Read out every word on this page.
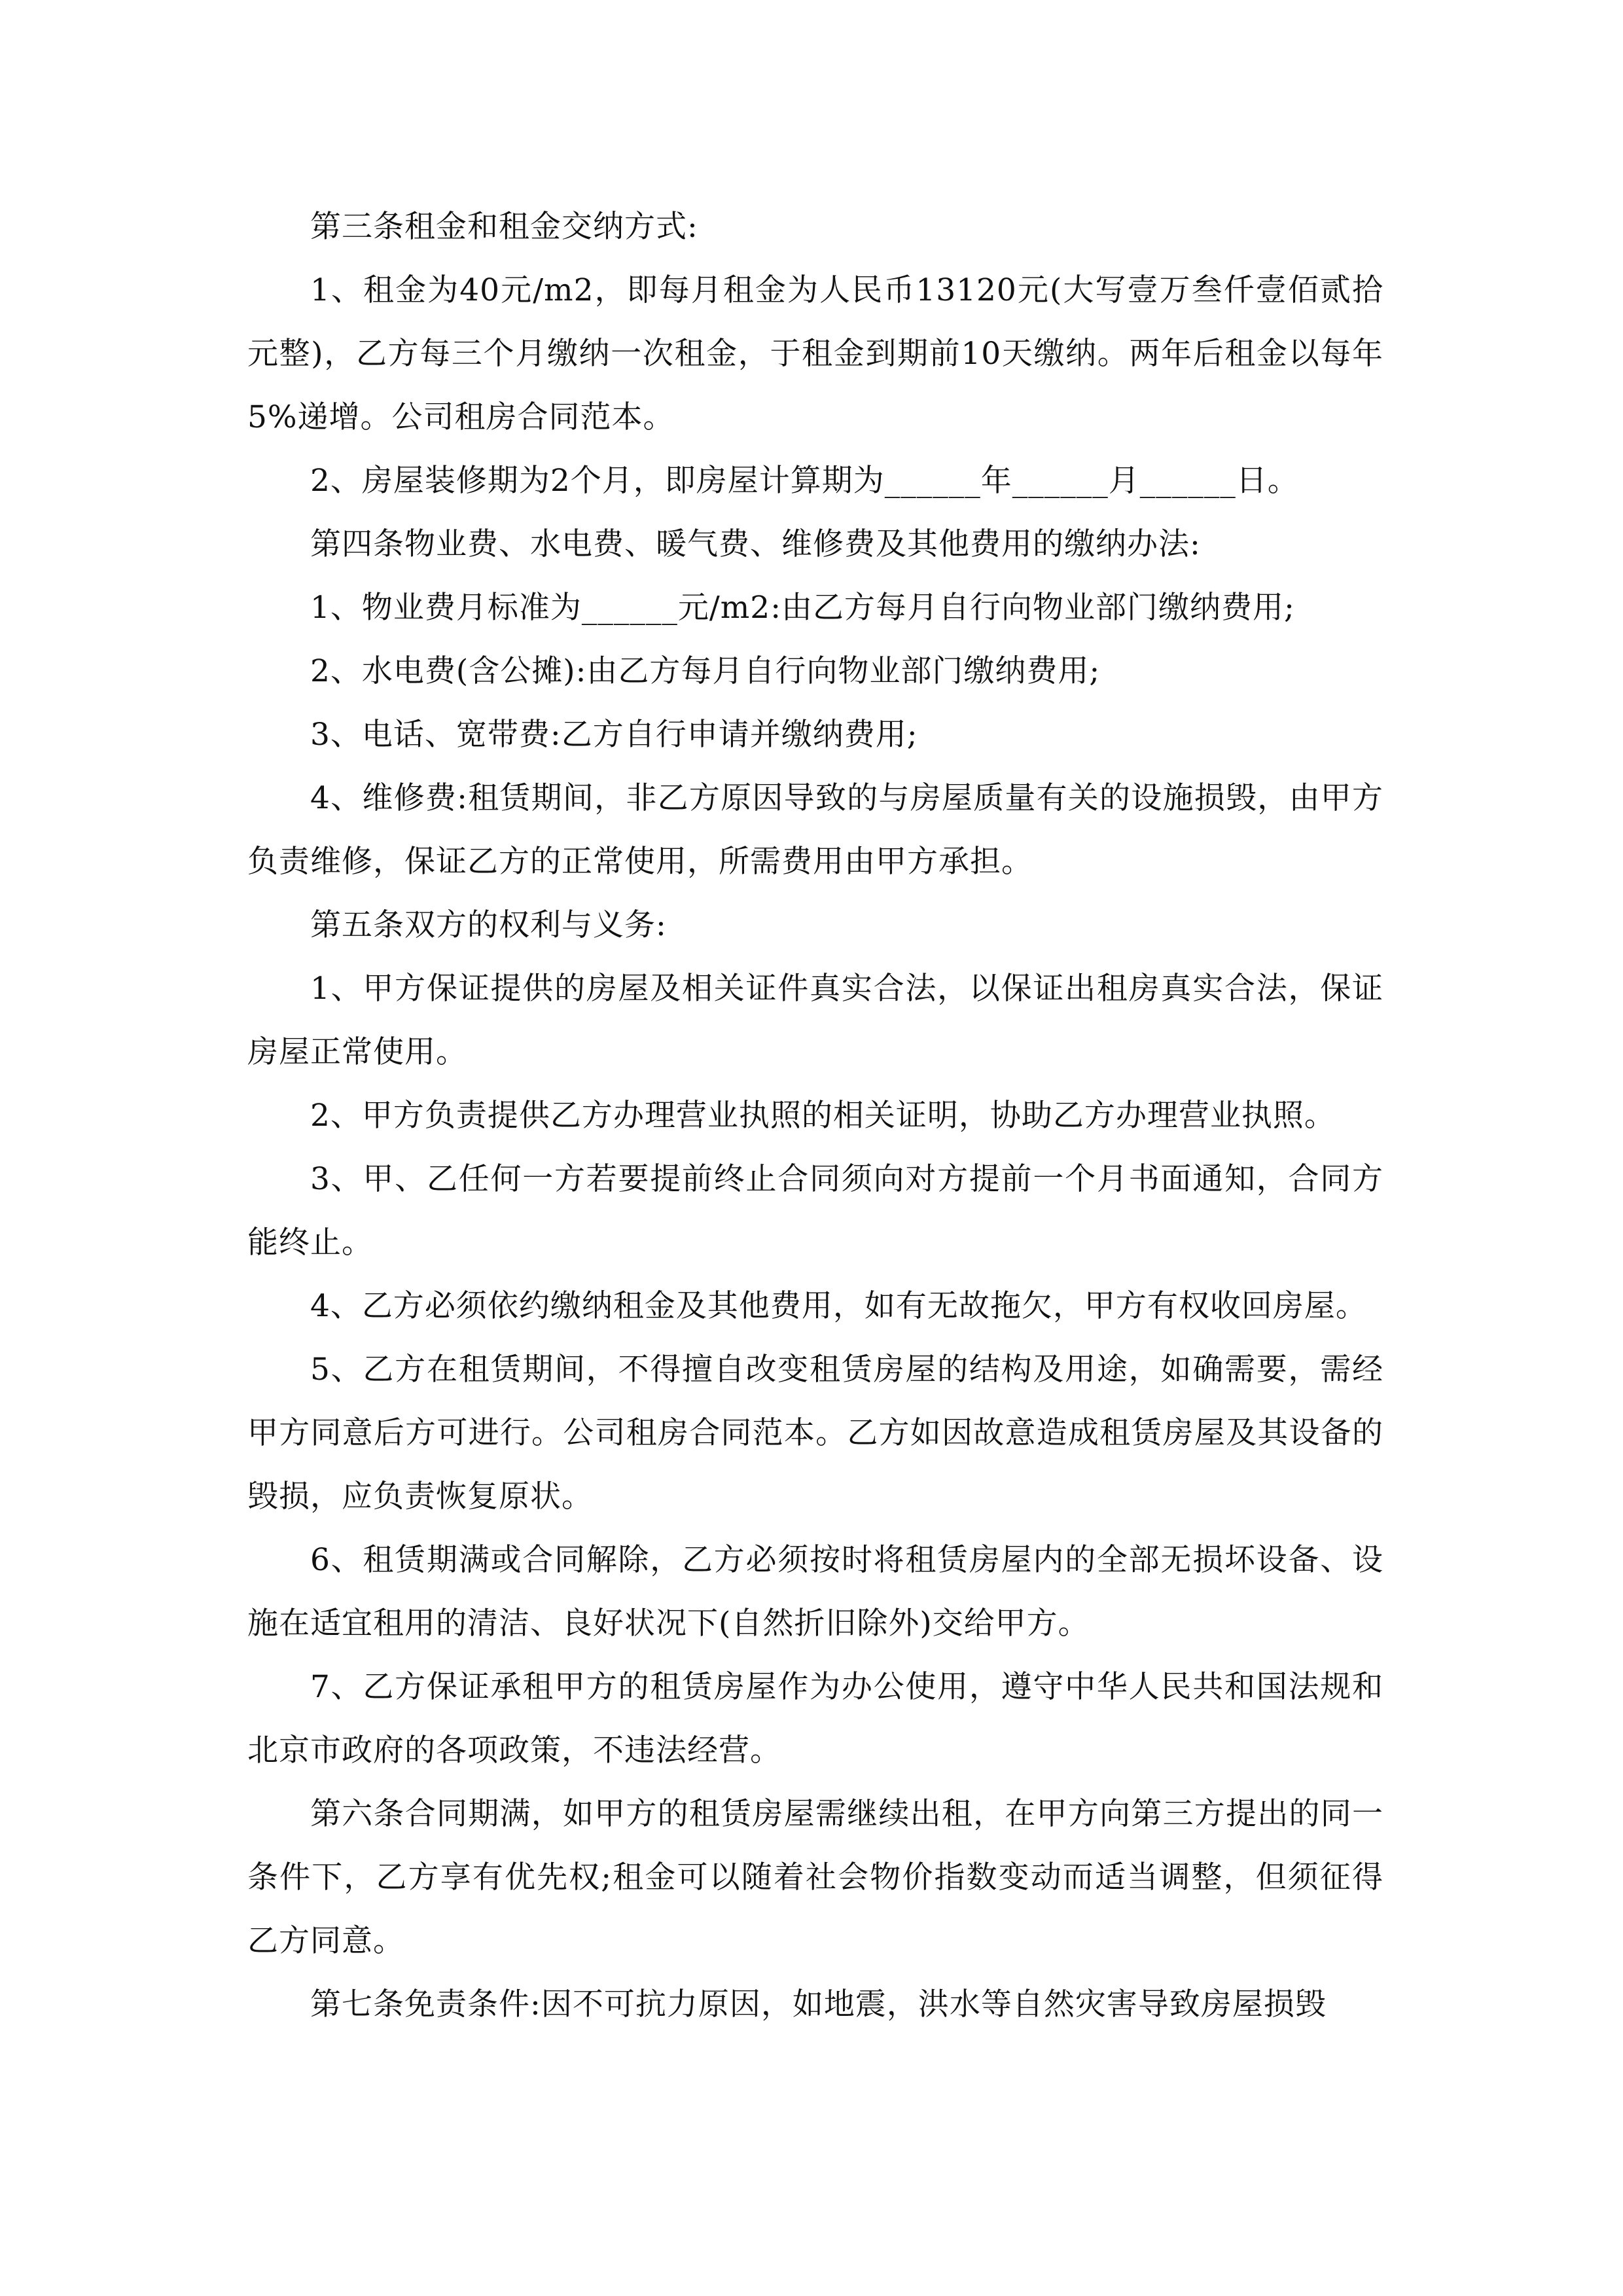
第三条租金和租金交纳方式:

1、租金为40元/m2，即每月租金为人民币13120元(大写壹万叁仟壹佰贰拾元整)，乙方每三个月缴纳一次租金，于租金到期前10天缴纳。两年后租金以每年5%递增。公司租房合同范本。

2、房屋装修期为2个月，即房屋计算期为______年______月______日。

第四条物业费、水电费、暖气费、维修费及其他费用的缴纳办法:

1、物业费月标准为______元/m2:由乙方每月自行向物业部门缴纳费用;

2、水电费(含公摊):由乙方每月自行向物业部门缴纳费用;

3、电话、宽带费:乙方自行申请并缴纳费用;

4、维修费:租赁期间，非乙方原因导致的与房屋质量有关的设施损毁，由甲方负责维修，保证乙方的正常使用，所需费用由甲方承担。

第五条双方的权利与义务:

1、甲方保证提供的房屋及相关证件真实合法，以保证出租房真实合法，保证房屋正常使用。

2、甲方负责提供乙方办理营业执照的相关证明，协助乙方办理营业执照。

3、甲、乙任何一方若要提前终止合同须向对方提前一个月书面通知，合同方能终止。

4、乙方必须依约缴纳租金及其他费用，如有无故拖欠，甲方有权收回房屋。

5、乙方在租赁期间，不得擅自改变租赁房屋的结构及用途，如确需要，需经甲方同意后方可进行。公司租房合同范本。乙方如因故意造成租赁房屋及其设备的毁损，应负责恢复原状。

6、租赁期满或合同解除，乙方必须按时将租赁房屋内的全部无损坏设备、设施在适宜租用的清洁、良好状况下(自然折旧除外)交给甲方。

7、乙方保证承租甲方的租赁房屋作为办公使用，遵守中华人民共和国法规和北京市政府的各项政策，不违法经营。

第六条合同期满，如甲方的租赁房屋需继续出租，在甲方向第三方提出的同一条件下，乙方享有优先权;租金可以随着社会物价指数变动而适当调整，但须征得乙方同意。

第七条免责条件:因不可抗力原因，如地震，洪水等自然灾害导致房屋损毁
